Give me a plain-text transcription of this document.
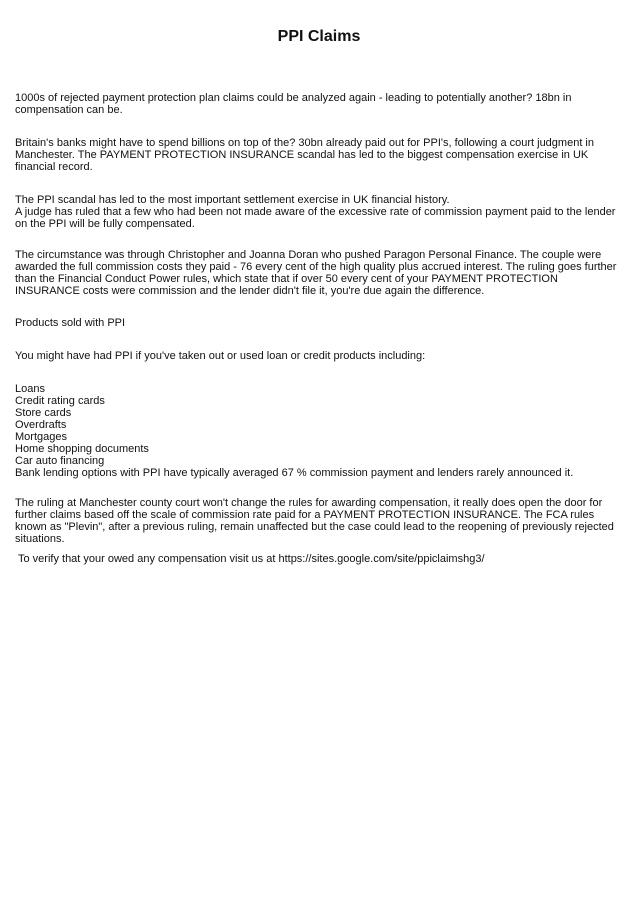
PPI Claims

1000s of rejected payment protection plan claims could be analyzed again - leading to potentially another? 18bn in compensation can be.

Britain's banks might have to spend billions on top of the? 30bn already paid out for PPI's, following a court judgment in Manchester. The PAYMENT PROTECTION INSURANCE scandal has led to the biggest compensation exercise in UK financial record.

The PPI scandal has led to the most important settlement exercise in UK financial history.
A judge has ruled that a few who had been not made aware of the excessive rate of commission payment paid to the lender on the PPI will be fully compensated.

The circumstance was through Christopher and Joanna Doran who pushed Paragon Personal Finance. The couple were awarded the full commission costs they paid - 76 every cent of the high quality plus accrued interest. The ruling goes further than the Financial Conduct Power rules, which state that if over 50 every cent of your PAYMENT PROTECTION INSURANCE costs were commission and the lender didn't file it, you're due again the difference.

Products sold with PPI

You might have had PPI if you've taken out or used loan or credit products including:

Loans
Credit rating cards
Store cards
Overdrafts
Mortgages
Home shopping documents
Car auto financing
Bank lending options with PPI have typically averaged 67 % commission payment and lenders rarely announced it.

The ruling at Manchester county court won't change the rules for awarding compensation, it really does open the door for further claims based off the scale of commission rate paid for a PAYMENT PROTECTION INSURANCE. The FCA rules known as "Plevin", after a previous ruling, remain unaffected but the case could lead to the reopening of previously rejected situations.

To verify that your owed any compensation visit us at https://sites.google.com/site/ppiclaimshg3/
